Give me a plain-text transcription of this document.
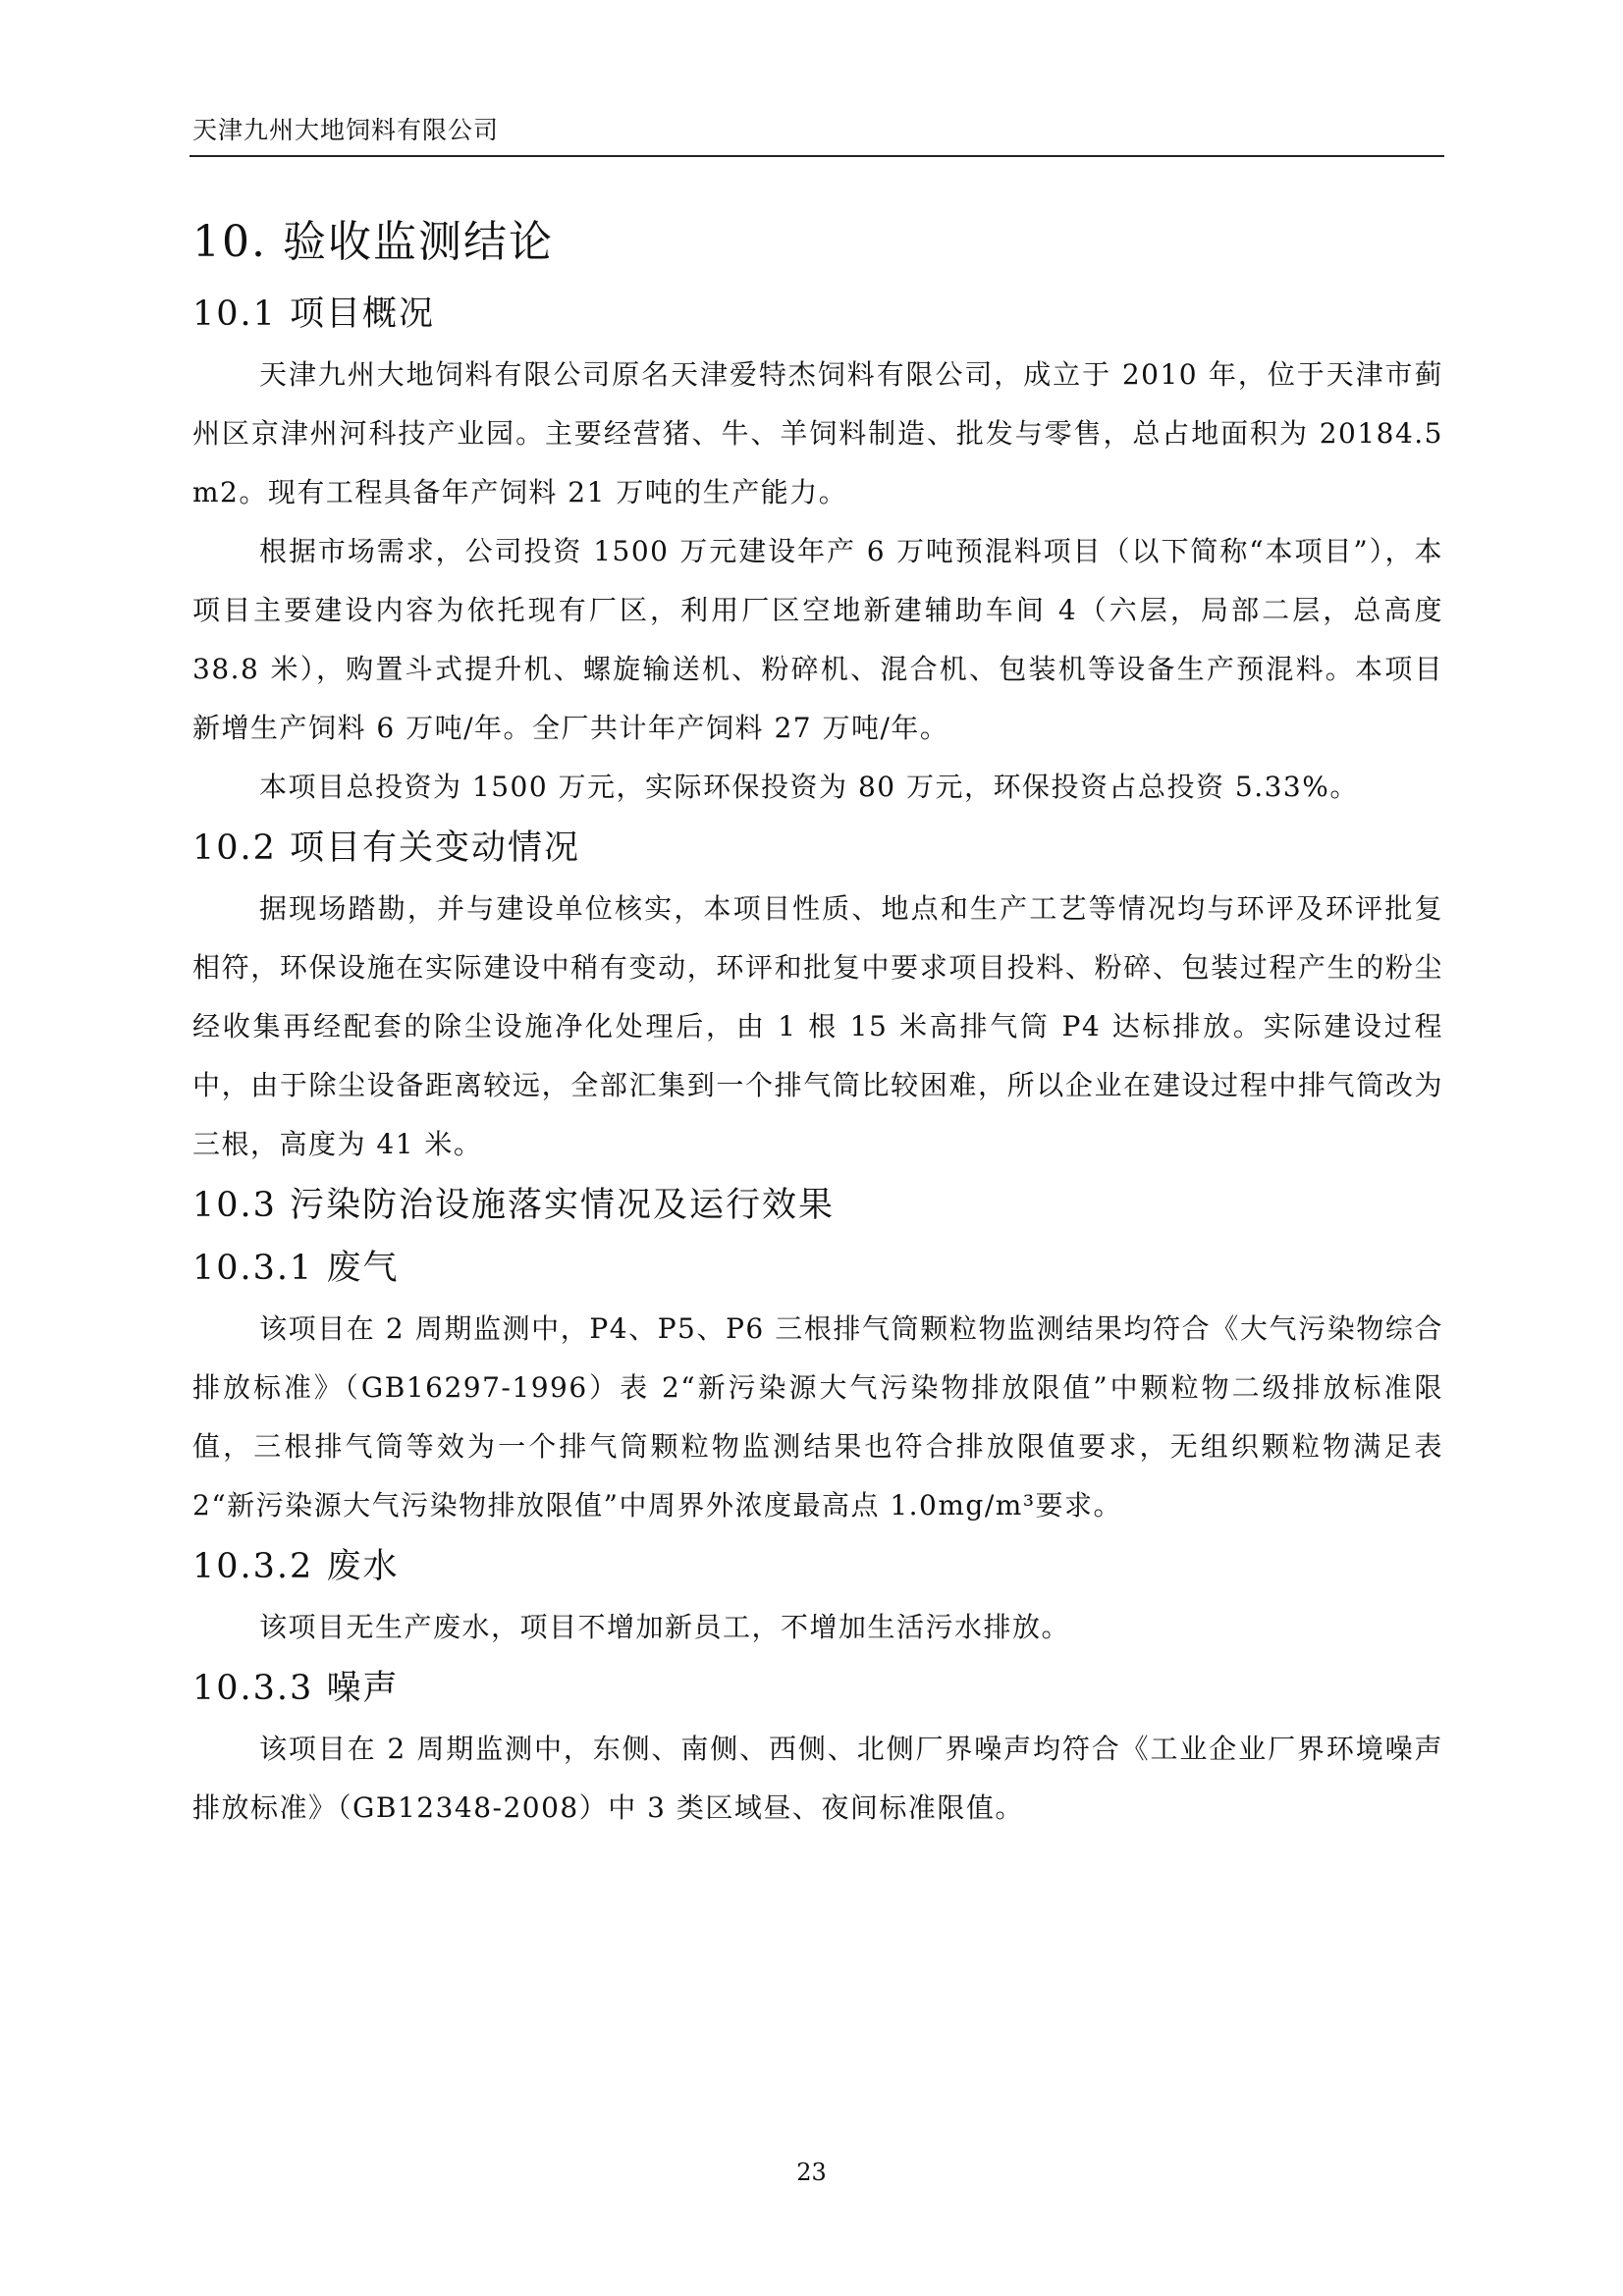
天津九州大地饲料有限公司
10. 验收监测结论
10.1 项目概况

天津九州大地饲料有限公司原名天津爱特杰饲料有限公司，成立于 2010 年，位于天津市蓟州区京津州河科技产业园。主要经营猪、牛、羊饲料制造、批发与零售，总占地面积为 20184.5 m2。现有工程具备年产饲料 21 万吨的生产能力。

根据市场需求，公司投资 1500 万元建设年产 6 万吨预混料项目（以下简称“本项目”），本项目主要建设内容为依托现有厂区，利用厂区空地新建辅助车间 4（六层，局部二层，总高度 38.8 米），购置斗式提升机、螺旋输送机、粉碎机、混合机、包装机等设备生产预混料。本项目新增生产饲料 6 万吨/年。全厂共计年产饲料 27 万吨/年。

本项目总投资为 1500 万元，实际环保投资为 80 万元，环保投资占总投资 5.33%。

10.2 项目有关变动情况

据现场踏勘，并与建设单位核实，本项目性质、地点和生产工艺等情况均与环评及环评批复相符，环保设施在实际建设中稍有变动，环评和批复中要求项目投料、粉碎、包装过程产生的粉尘经收集再经配套的除尘设施净化处理后，由 1 根 15 米高排气筒 P4 达标排放。实际建设过程中，由于除尘设备距离较远，全部汇集到一个排气筒比较困难，所以企业在建设过程中排气筒改为三根，高度为 41 米。

10.3 污染防治设施落实情况及运行效果
10.3.1 废气

该项目在 2 周期监测中，P4、P5、P6 三根排气筒颗粒物监测结果均符合《大气污染物综合排放标准》（GB16297-1996）表 2“新污染源大气污染物排放限值”中颗粒物二级排放标准限值，三根排气筒等效为一个排气筒颗粒物监测结果也符合排放限值要求，无组织颗粒物满足表 2“新污染源大气污染物排放限值”中周界外浓度最高点 1.0mg/m³要求。

10.3.2 废水

该项目无生产废水，项目不增加新员工，不增加生活污水排放。

10.3.3 噪声

该项目在 2 周期监测中，东侧、南侧、西侧、北侧厂界噪声均符合《工业企业厂界环境噪声排放标准》（GB12348-2008）中 3 类区域昼、夜间标准限值。

23
